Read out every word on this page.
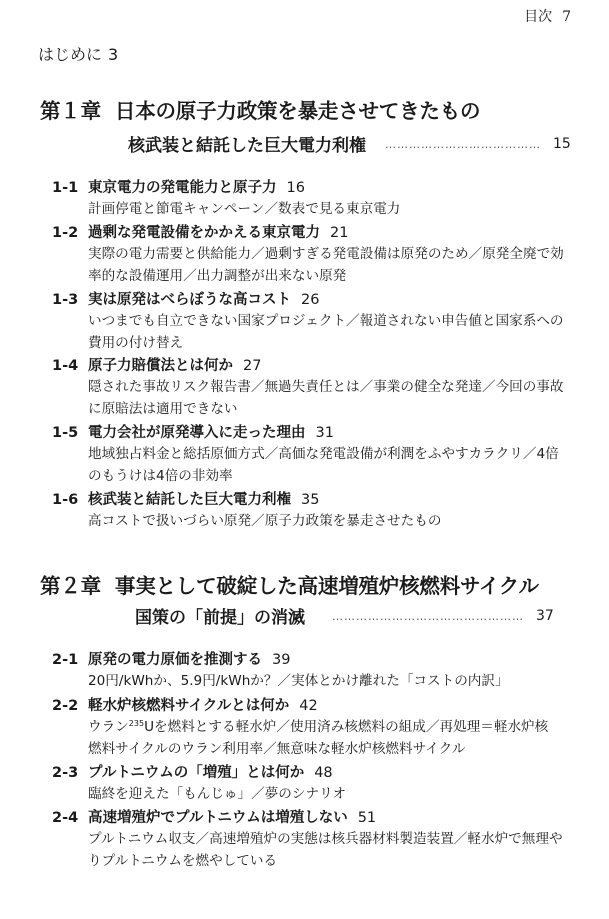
目次 7
はじめに 3
第１章 日本の原子力政策を暴走させてきたもの
核武装と結託した巨大電力利権 ………………………………… 15
1-1 東京電力の発電能力と原子力 16
計画停電と節電キャンペーン／数表で見る東京電力
1-2 過剰な発電設備をかかえる東京電力 21
実際の電力需要と供給能力／過剰すぎる発電設備は原発のため／原発全廃で効
率的な設備運用／出力調整が出来ない原発
1-3 実は原発はべらぼうな高コスト 26
いつまでも自立できない国家プロジェクト／報道されない申告値と国家系への
費用の付け替え
1-4 原子力賠償法とは何か 27
隠された事故リスク報告書／無過失責任とは／事業の健全な発達／今回の事故
に原賠法は適用できない
1-5 電力会社が原発導入に走った理由 31
地域独占料金と総括原価方式／高価な発電設備が利潤をふやすカラクリ／4倍
のもうけは4倍の非効率
1-6 核武装と結託した巨大電力利権 35
高コストで扱いづらい原発／原子力政策を暴走させたもの
第２章 事実として破綻した高速増殖炉核燃料サイクル
国策の「前提」の消滅 ………………………………………… 37
2-1 原発の電力原価を推測する 39
20円/kWhか、5.9円/kWhか？／実体とかけ離れた「コストの内訳」
2-2 軽水炉核燃料サイクルとは何か 42
ウラン$^{235}$Uを燃料とする軽水炉／使用済み核燃料の組成／再処理＝軽水炉核
燃料サイクルのウラン利用率／無意味な軽水炉核燃料サイクル
2-3 プルトニウムの「増殖」とは何か 48
臨終を迎えた「もんじゅ」／夢のシナリオ
2-4 高速増殖炉でプルトニウムは増殖しない 51
プルトニウム収支／高速増殖炉の実態は核兵器材料製造装置／軽水炉で無理や
りプルトニウムを燃やしている
